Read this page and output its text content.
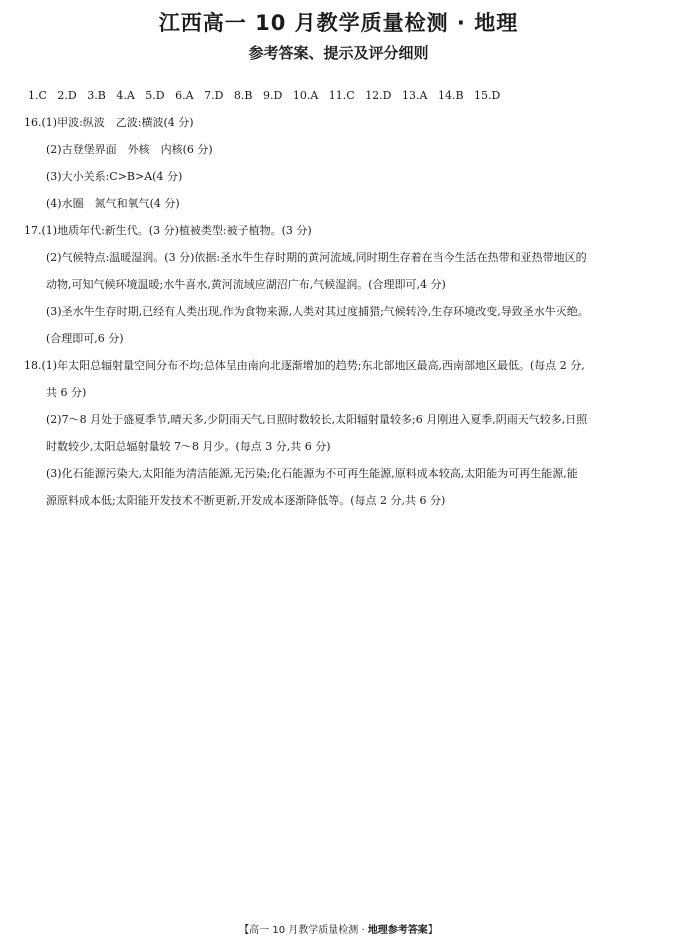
江西高一 10 月教学质量检测 · 地理
参考答案、提示及评分细则
1.C 2.D 3.B 4.A 5.D 6.A 7.D 8.B 9.D 10.A 11.C 12.D 13.A 14.B 15.D
16.(1)甲波:纵波　乙波:横波(4 分)
(2)古登堡界面　外核　内核(6 分)
(3)大小关系:C>B>A(4 分)
(4)水圈　氮气和氧气(4 分)
17.(1)地质年代:新生代。(3 分)植被类型:被子植物。(3 分)
(2)气候特点:温暖湿润。(3 分)依据:圣水牛生存时期的黄河流域,同时期生存着在当今生活在热带和亚热带地区的
动物,可知气候环境温暖;水牛喜水,黄河流域应湖沼广布,气候湿润。(合理即可,4 分)
(3)圣水牛生存时期,已经有人类出现,作为食物来源,人类对其过度捕猎;气候转冷,生存环境改变,导致圣水牛灭绝。
(合理即可,6 分)
18.(1)年太阳总辐射量空间分布不均;总体呈由南向北逐渐增加的趋势;东北部地区最高,西南部地区最低。(每点 2 分,
共 6 分)
(2)7～8 月处于盛夏季节,晴天多,少阴雨天气,日照时数较长,太阳辐射量较多;6 月刚进入夏季,阴雨天气较多,日照
时数较少,太阳总辐射量较 7～8 月少。(每点 3 分,共 6 分)
(3)化石能源污染大,太阳能为清洁能源,无污染;化石能源为不可再生能源,原料成本较高,太阳能为可再生能源,能
源原料成本低;太阳能开发技术不断更新,开发成本逐渐降低等。(每点 2 分,共 6 分)
【高一 10 月教学质量检测 · 地理参考答案】
